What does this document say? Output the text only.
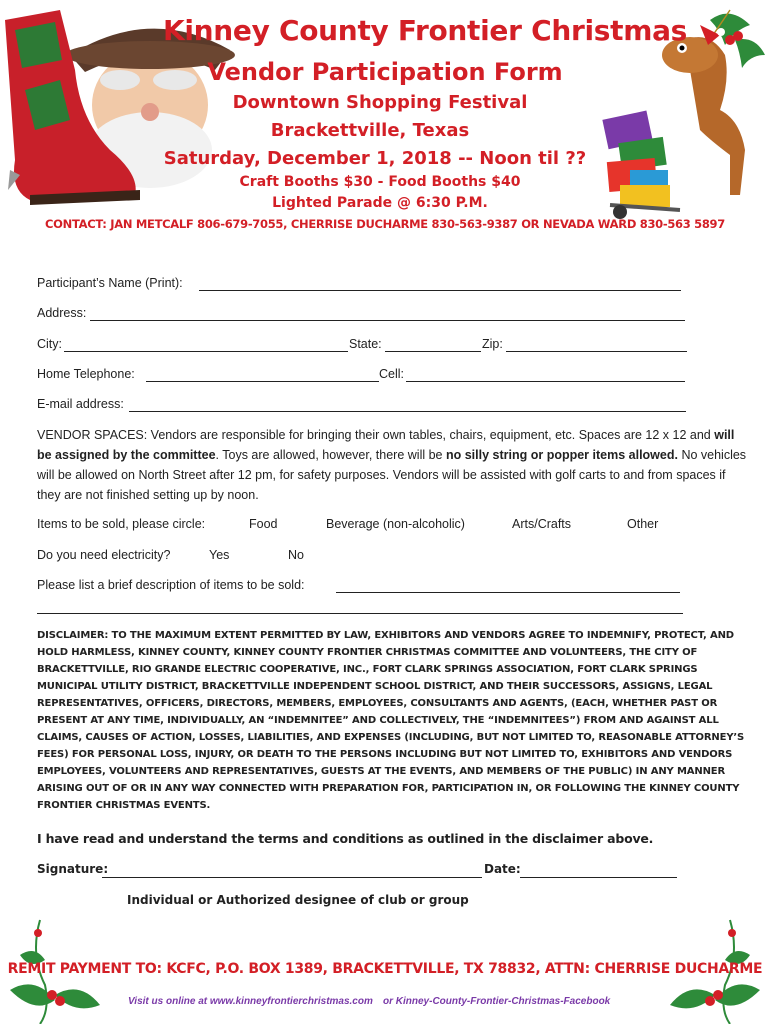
Kinney County Frontier Christmas
Vendor Participation Form
Downtown Shopping Festival
Brackettville, Texas
Saturday, December 1, 2018 -- Noon til ??
Craft Booths $30 - Food Booths $40
Lighted Parade @ 6:30 P.M.
CONTACT: JAN METCALF 806-679-7055, CHERRISE DUCHARME 830-563-9387 OR NEVADA WARD 830-563 5897
Participant’s Name (Print):
Address:
City:	State:	Zip:
Home Telephone:	Cell:
E-mail address:
VENDOR SPACES: Vendors are responsible for bringing their own tables, chairs, equipment, etc. Spaces are 12 x 12 and will be assigned by the committee. Toys are allowed, however, there will be no silly string or popper items allowed. No vehicles will be allowed on North Street after 12 pm, for safety purposes. Vendors will be assisted with golf carts to and from spaces if they are not finished setting up by noon.
Items to be sold, please circle:	Food	Beverage (non-alcoholic)	Arts/Crafts	Other
Do you need electricity?	Yes	No
Please list a brief description of items to be sold:
DISCLAIMER: TO THE MAXIMUM EXTENT PERMITTED BY LAW, EXHIBITORS AND VENDORS AGREE TO INDEMNIFY, PROTECT, AND HOLD HARMLESS, KINNEY COUNTY, KINNEY COUNTY FRONTIER CHRISTMAS COMMITTEE AND VOLUNTEERS, THE CITY OF BRACKETTVILLE, RIO GRANDE ELECTRIC COOPERATIVE, INC., FORT CLARK SPRINGS ASSOCIATION, FORT CLARK SPRINGS MUNICIPAL UTILITY DISTRICT, BRACKETTVILLE INDEPENDENT SCHOOL DISTRICT, AND THEIR SUCCESSORS, ASSIGNS, LEGAL REPRESENTATIVES, OFFICERS, DIRECTORS, MEMBERS, EMPLOYEES, CONSULTANTS AND AGENTS, (EACH, WHETHER PAST OR PRESENT AT ANY TIME, INDIVIDUALLY, AN “INDEMNITEE” AND COLLECTIVELY, THE “INDEMNITEES”) FROM AND AGAINST ALL CLAIMS, CAUSES OF ACTION, LOSSES, LIABILITIES, AND EXPENSES (INCLUDING, BUT NOT LIMITED TO, REASONABLE ATTORNEY’S FEES) FOR PERSONAL LOSS, INJURY, OR DEATH TO THE PERSONS INCLUDING BUT NOT LIMITED TO, EXHIBITORS AND VENDORS EMPLOYEES, VOLUNTEERS AND REPRESENTATIVES, GUESTS AT THE EVENTS, AND MEMBERS OF THE PUBLIC) IN ANY MANNER ARISING OUT OF OR IN ANY WAY CONNECTED WITH PREPARATION FOR, PARTICIPATION IN, OR FOLLOWING THE KINNEY COUNTY FRONTIER CHRISTMAS EVENTS.
I have read and understand the terms and conditions as outlined in the disclaimer above.
Signature:	Date:
Individual or Authorized designee of club or group
REMIT PAYMENT TO: KCFC, P.O. BOX 1389, BRACKETTVILLE, TX 78832, ATTN: CHERRISE DUCHARME
Visit us online at www.kinneyfrontierchristmas.com or Kinney-County-Frontier-Christmas-Facebook
